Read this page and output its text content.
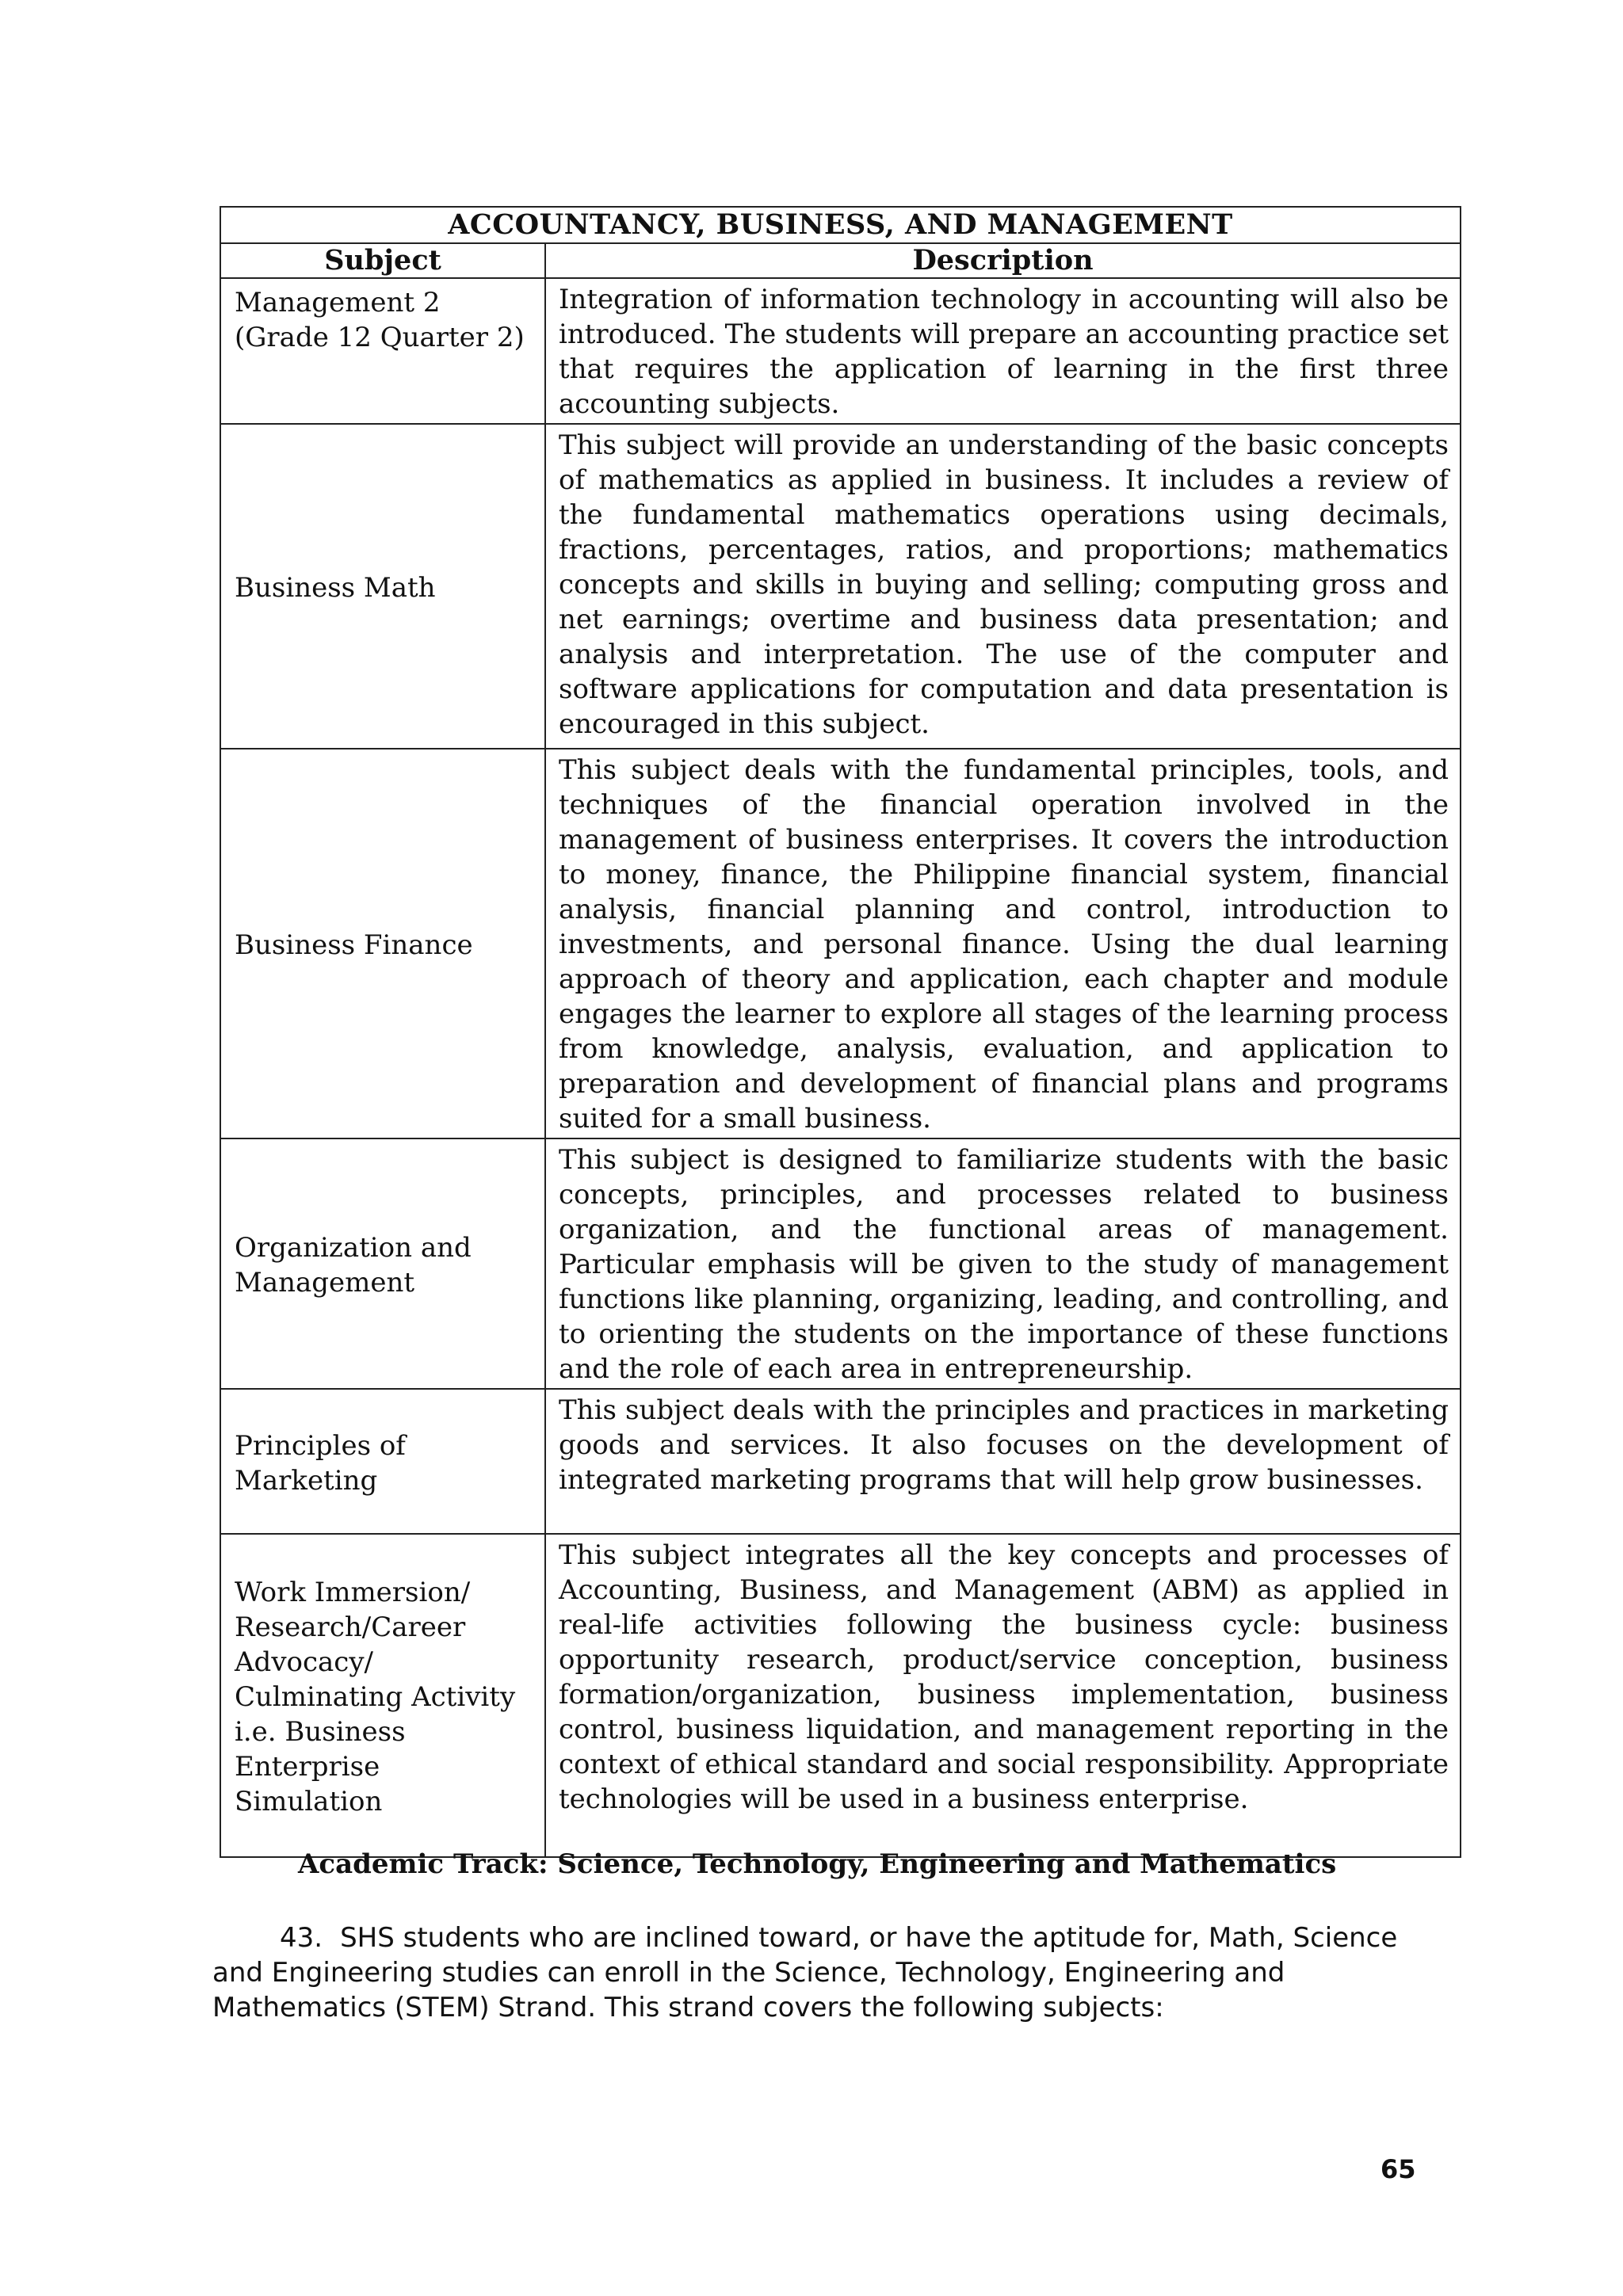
ACCOUNTANCY, BUSINESS, AND MANAGEMENT	
Subject	Description
Management 2 (Grade 12 Quarter 2)	Integration of information technology in accounting will also be introduced. The students will prepare an accounting practice set that requires the application of learning in the first three accounting subjects.
Business Math	This subject will provide an understanding of the basic concepts of mathematics as applied in business. It includes a review of the fundamental mathematics operations using decimals, fractions, percentages, ratios, and proportions; mathematics concepts and skills in buying and selling; computing gross and net earnings; overtime and business data presentation; and analysis and interpretation. The use of the computer and software applications for computation and data presentation is encouraged in this subject.
Business Finance	This subject deals with the fundamental principles, tools, and techniques of the financial operation involved in the management of business enterprises. It covers the introduction to money, finance, the Philippine financial system, financial analysis, financial planning and control, introduction to investments, and personal finance. Using the dual learning approach of theory and application, each chapter and module engages the learner to explore all stages of the learning process from knowledge, analysis, evaluation, and application to preparation and development of financial plans and programs suited for a small business.
Organization and Management	This subject is designed to familiarize students with the basic concepts, principles, and processes related to business organization, and the functional areas of management. Particular emphasis will be given to the study of management functions like planning, organizing, leading, and controlling, and to orienting the students on the importance of these functions and the role of each area in entrepreneurship.
Principles of Marketing	This subject deals with the principles and practices in marketing goods and services. It also focuses on the development of integrated marketing programs that will help grow businesses.
Work Immersion/ Research/Career Advocacy/ Culminating Activity i.e. Business Enterprise Simulation	This subject integrates all the key concepts and processes of Accounting, Business, and Management (ABM) as applied in real-life activities following the business cycle: business opportunity research, product/service conception, business formation/organization, business implementation, business control, business liquidation, and management reporting in the context of ethical standard and social responsibility. Appropriate technologies will be used in a business enterprise.
Academic Track: Science, Technology, Engineering and Mathematics
43. SHS students who are inclined toward, or have the aptitude for, Math, Science and Engineering studies can enroll in the Science, Technology, Engineering and Mathematics (STEM) Strand. This strand covers the following subjects:
65
